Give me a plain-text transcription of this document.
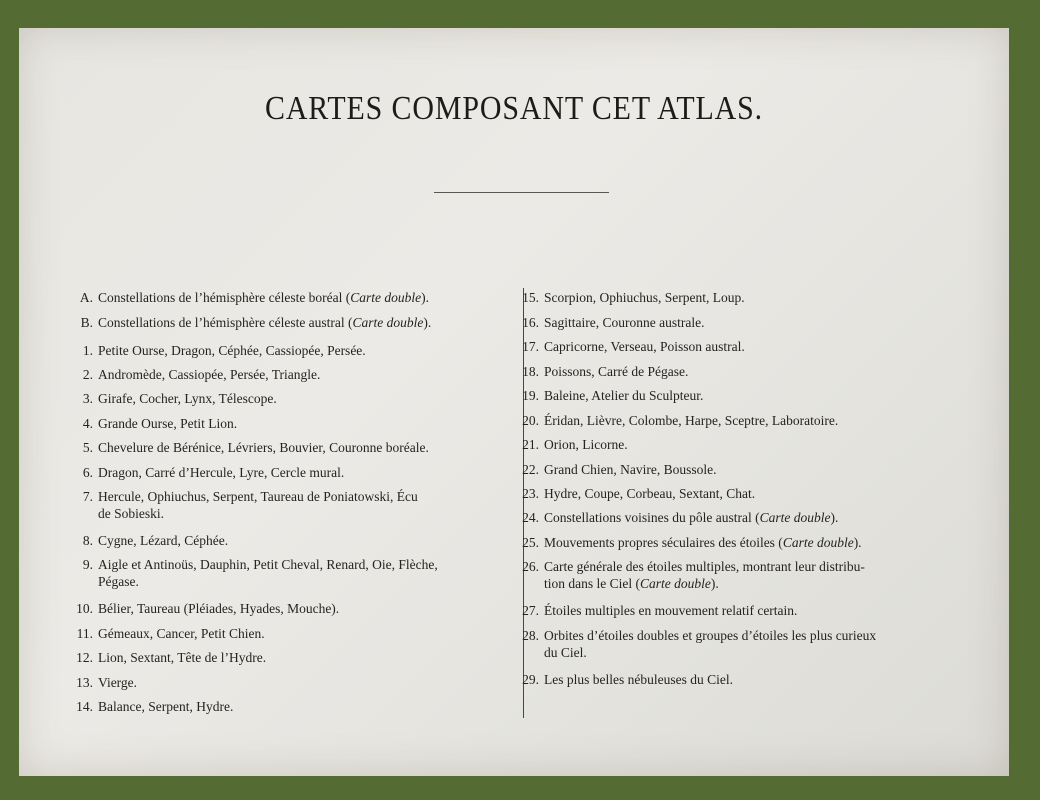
CARTES COMPOSANT CET ATLAS.
A. Constellations de l’hémisphère céleste boréal (Carte double).
B. Constellations de l’hémisphère céleste austral (Carte double).
1. Petite Ourse, Dragon, Céphée, Cassiopée, Persée.
2. Andromède, Cassiopée, Persée, Triangle.
3. Girafe, Cocher, Lynx, Télescope.
4. Grande Ourse, Petit Lion.
5. Chevelure de Bérénice, Lévriers, Bouvier, Couronne boréale.
6. Dragon, Carré d’Hercule, Lyre, Cercle mural.
7. Hercule, Ophiuchus, Serpent, Taureau de Poniatowski, Écu
de Sobieski.
8. Cygne, Lézard, Céphée.
9. Aigle et Antinoüs, Dauphin, Petit Cheval, Renard, Oie, Flèche,
Pégase.
10. Bélier, Taureau (Pléiades, Hyades, Mouche).
11. Gémeaux, Cancer, Petit Chien.
12. Lion, Sextant, Tête de l’Hydre.
13. Vierge.
14. Balance, Serpent, Hydre.
15. Scorpion, Ophiuchus, Serpent, Loup.
16. Sagittaire, Couronne australe.
17. Capricorne, Verseau, Poisson austral.
18. Poissons, Carré de Pégase.
19. Baleine, Atelier du Sculpteur.
20. Éridan, Lièvre, Colombe, Harpe, Sceptre, Laboratoire.
21. Orion, Licorne.
22. Grand Chien, Navire, Boussole.
23. Hydre, Coupe, Corbeau, Sextant, Chat.
24. Constellations voisines du pôle austral (Carte double).
25. Mouvements propres séculaires des étoiles (Carte double).
26. Carte générale des étoiles multiples, montrant leur distribu-
tion dans le Ciel (Carte double).
27. Étoiles multiples en mouvement relatif certain.
28. Orbites d’étoiles doubles et groupes d’étoiles les plus curieux
du Ciel.
29. Les plus belles nébuleuses du Ciel.
